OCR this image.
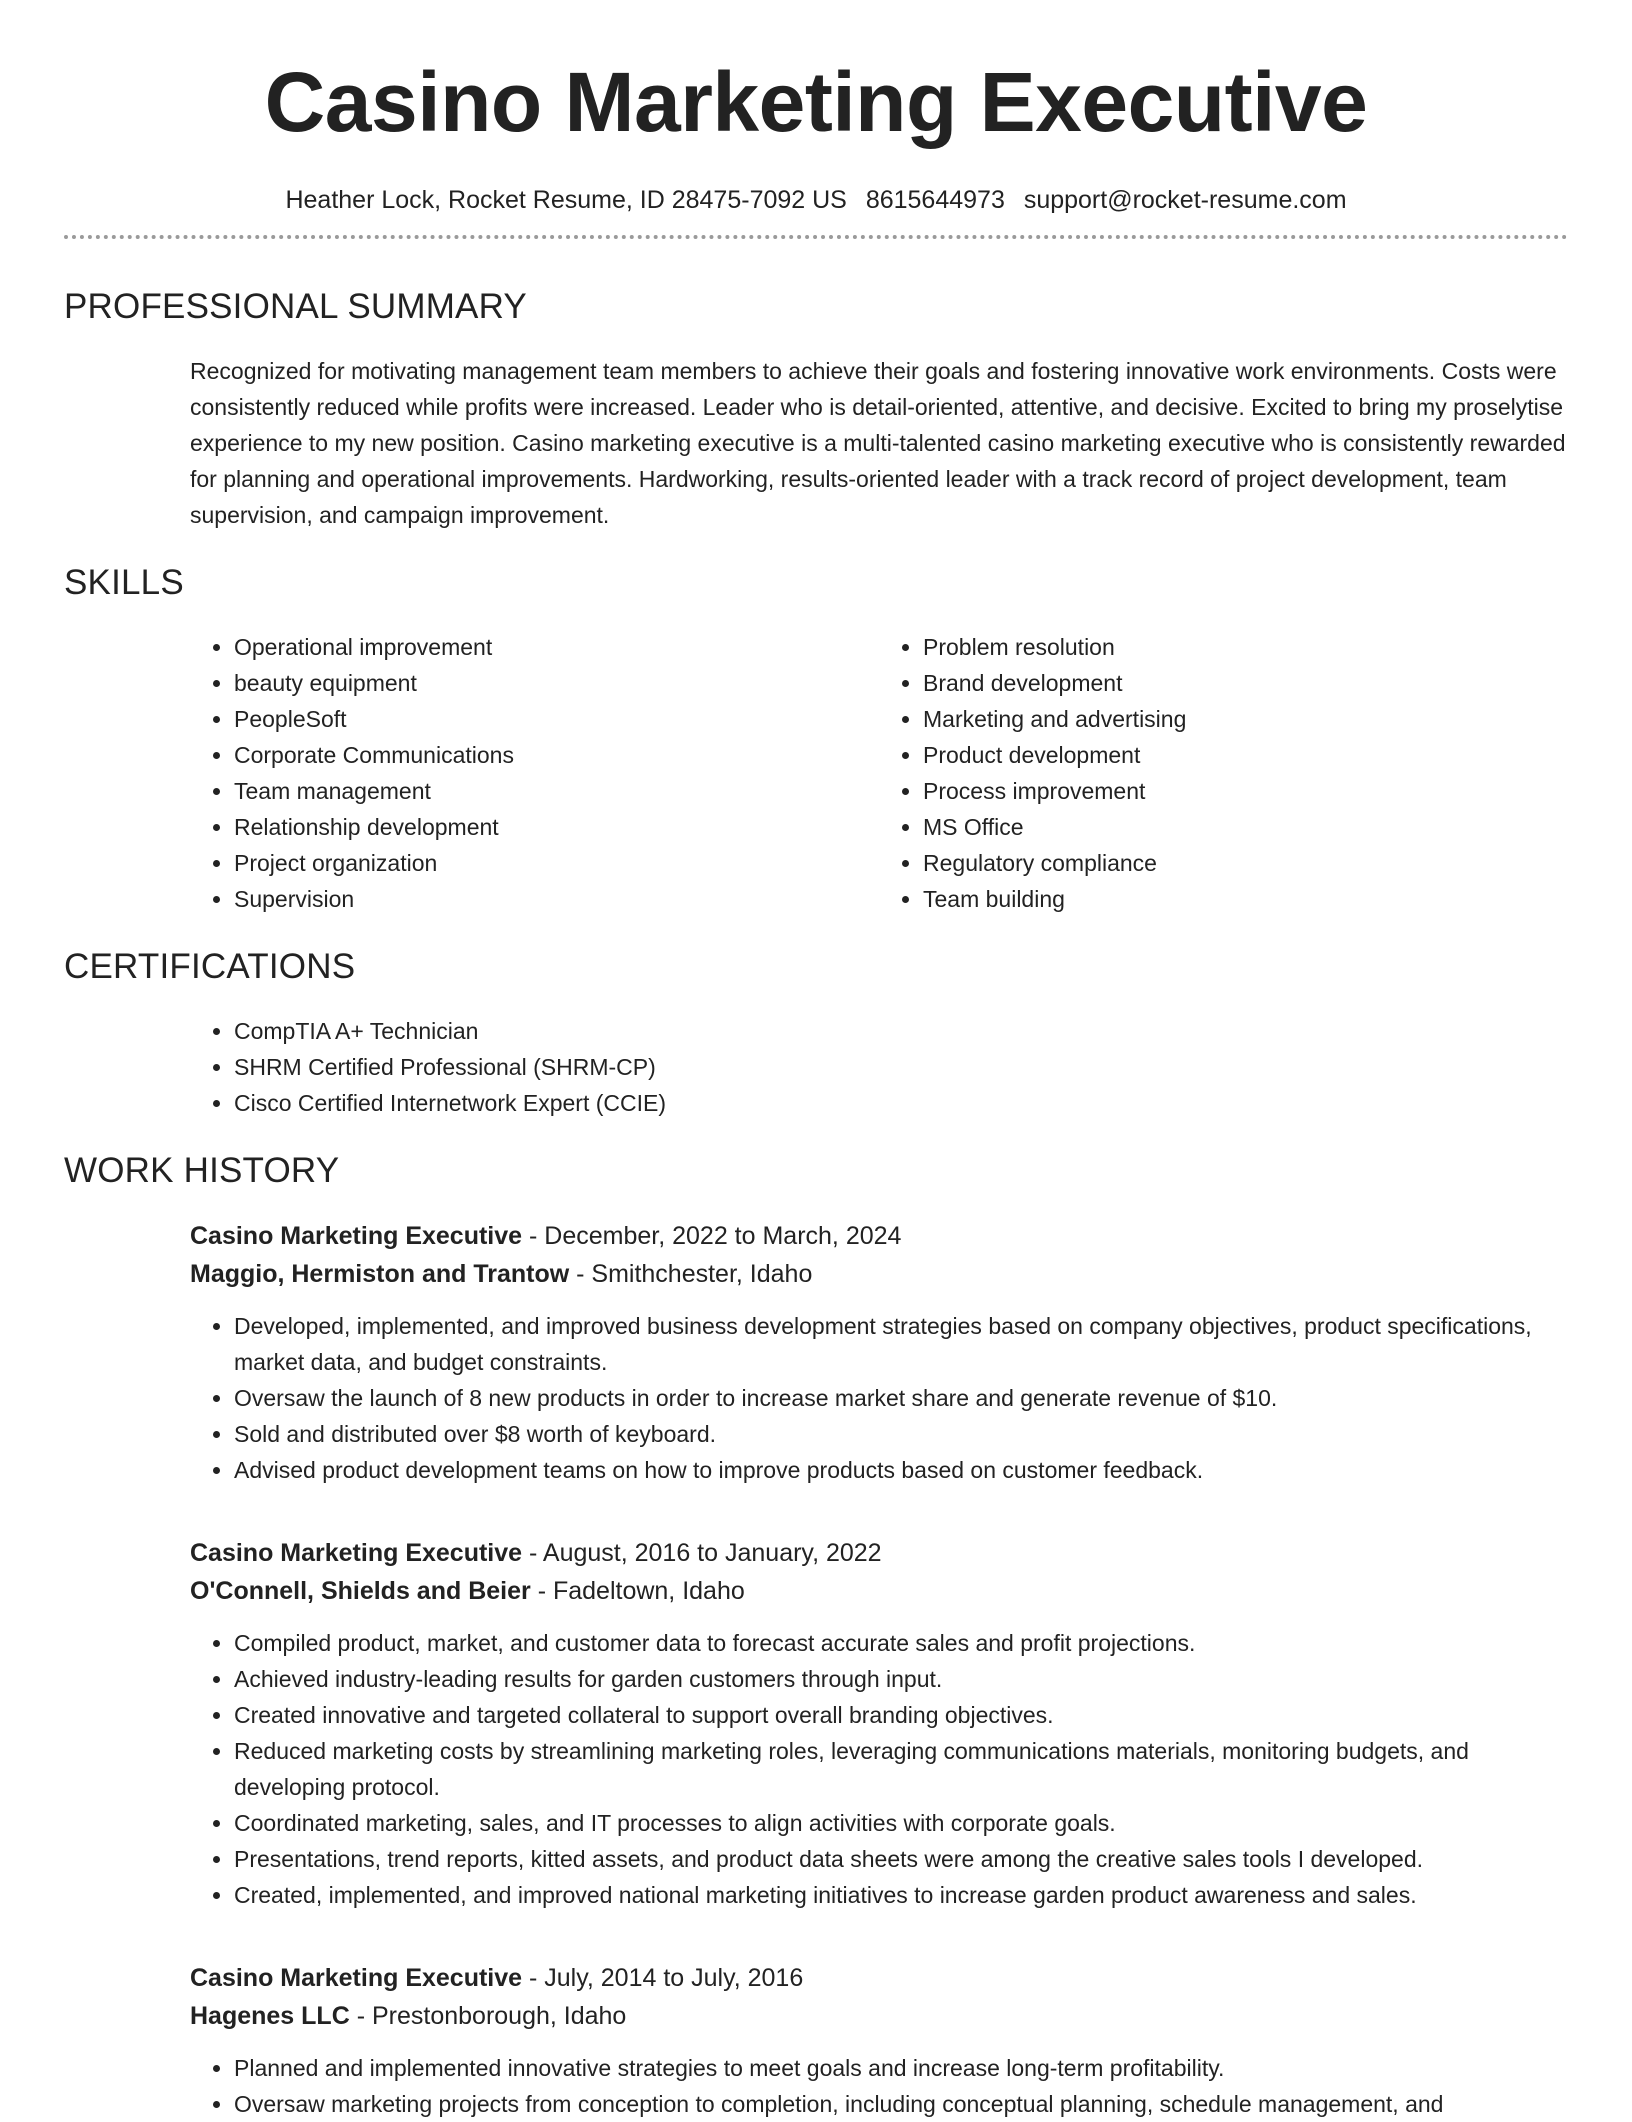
Casino Marketing Executive
Heather Lock, Rocket Resume, ID 28475-7092 US 8615644973 support@rocket-resume.com
PROFESSIONAL SUMMARY
Recognized for motivating management team members to achieve their goals and fostering innovative work environments. Costs were consistently reduced while profits were increased. Leader who is detail-oriented, attentive, and decisive. Excited to bring my proselytise experience to my new position. Casino marketing executive is a multi-talented casino marketing executive who is consistently rewarded for planning and operational improvements. Hardworking, results-oriented leader with a track record of project development, team supervision, and campaign improvement.
SKILLS
• Operational improvement
• beauty equipment
• PeopleSoft
• Corporate Communications
• Team management
• Relationship development
• Project organization
• Supervision
• Problem resolution
• Brand development
• Marketing and advertising
• Product development
• Process improvement
• MS Office
• Regulatory compliance
• Team building
CERTIFICATIONS
• CompTIA A+ Technician
• SHRM Certified Professional (SHRM-CP)
• Cisco Certified Internetwork Expert (CCIE)
WORK HISTORY
Casino Marketing Executive - December, 2022 to March, 2024
Maggio, Hermiston and Trantow - Smithchester, Idaho
• Developed, implemented, and improved business development strategies based on company objectives, product specifications, market data, and budget constraints.
• Oversaw the launch of 8 new products in order to increase market share and generate revenue of $10.
• Sold and distributed over $8 worth of keyboard.
• Advised product development teams on how to improve products based on customer feedback.
Casino Marketing Executive - August, 2016 to January, 2022
O'Connell, Shields and Beier - Fadeltown, Idaho
• Compiled product, market, and customer data to forecast accurate sales and profit projections.
• Achieved industry-leading results for garden customers through input.
• Created innovative and targeted collateral to support overall branding objectives.
• Reduced marketing costs by streamlining marketing roles, leveraging communications materials, monitoring budgets, and developing protocol.
• Coordinated marketing, sales, and IT processes to align activities with corporate goals.
• Presentations, trend reports, kitted assets, and product data sheets were among the creative sales tools I developed.
• Created, implemented, and improved national marketing initiatives to increase garden product awareness and sales.
Casino Marketing Executive - July, 2014 to July, 2016
Hagenes LLC - Prestonborough, Idaho
• Planned and implemented innovative strategies to meet goals and increase long-term profitability.
• Oversaw marketing projects from conception to completion, including conceptual planning, schedule management, and
